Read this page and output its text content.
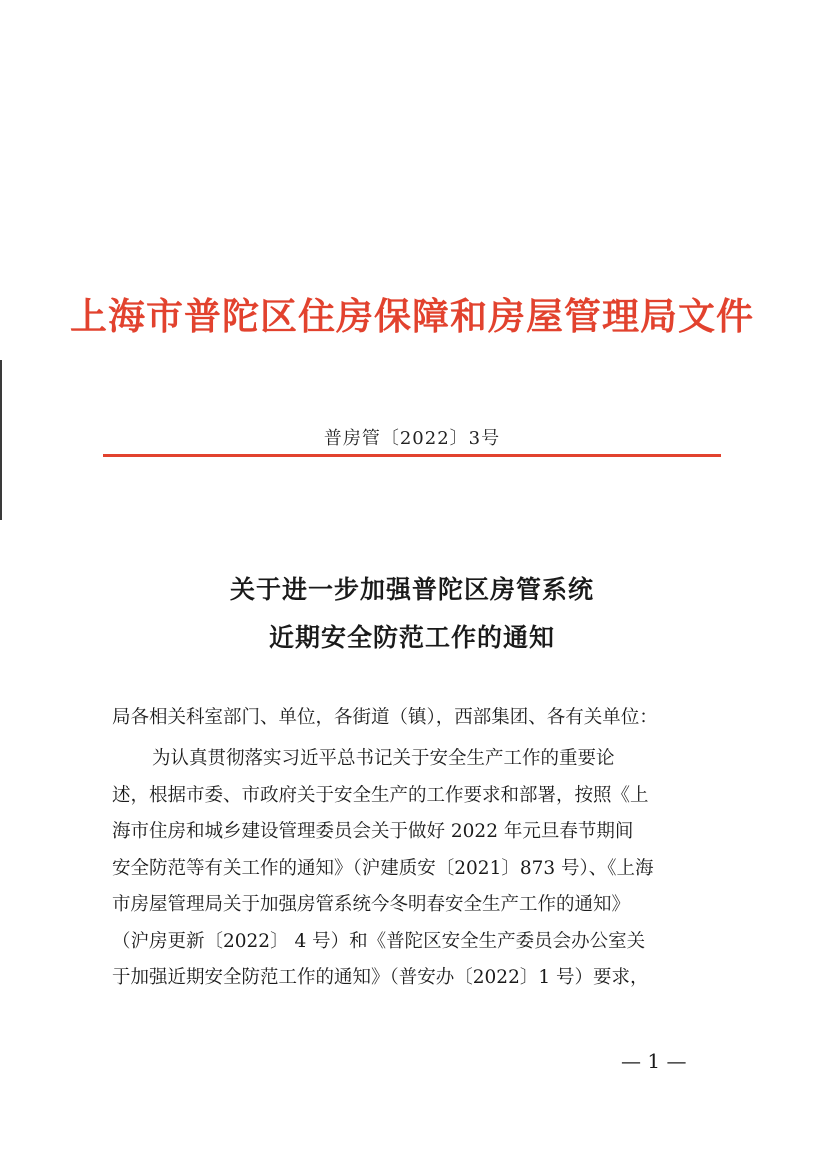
上海市普陀区住房保障和房屋管理局文件
普房管〔2022〕3号
关于进一步加强普陀区房管系统
近期安全防范工作的通知
局各相关科室部门、单位，各街道（镇），西部集团、各有关单位：
为认真贯彻落实习近平总书记关于安全生产工作的重要论
述，根据市委、市政府关于安全生产的工作要求和部署，按照《上
海市住房和城乡建设管理委员会关于做好 2022 年元旦春节期间
安全防范等有关工作的通知》（沪建质安〔2021〕873 号）、《上海
市房屋管理局关于加强房管系统今冬明春安全生产工作的通知》
（沪房更新〔2022〕 4 号）和《普陀区安全生产委员会办公室关
于加强近期安全防范工作的通知》（普安办〔2022〕1 号）要求，
— 1 —
